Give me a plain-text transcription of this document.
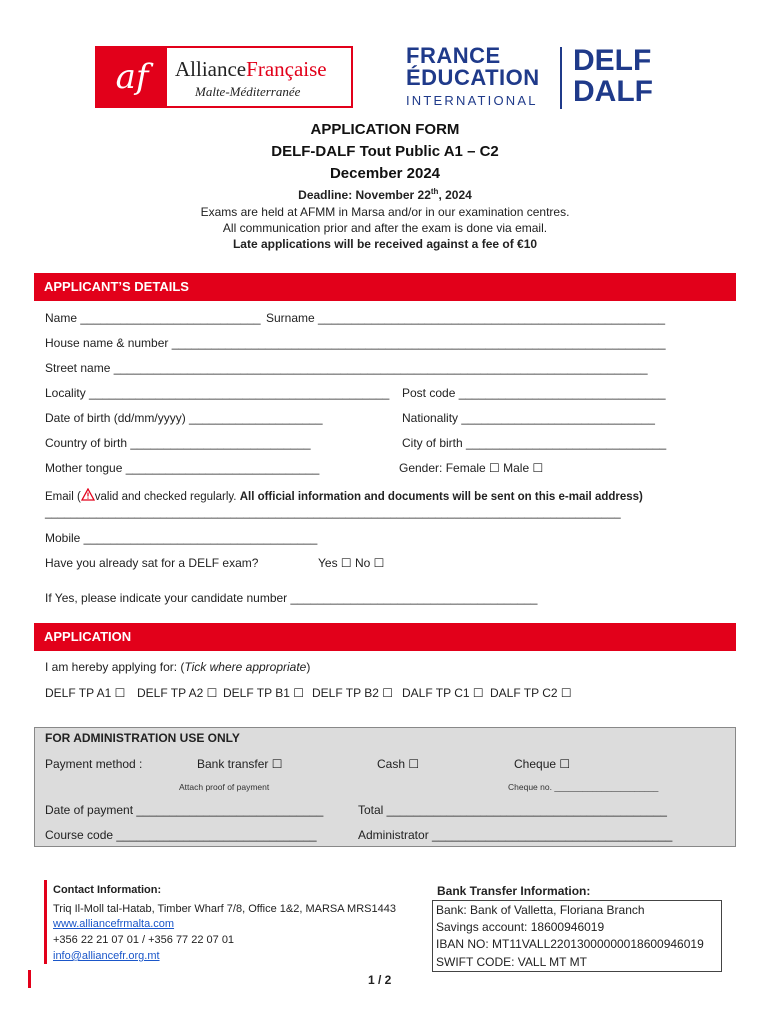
af	AllianceFrançaise
Malte-Méditerranée
FRANCE
ÉDUCATION
INTERNATIONAL
DELF
DALF
APPLICATION FORM
DELF-DALF Tout Public A1 – C2
December 2024
Deadline: November 22th, 2024
Exams are held at AFMM in Marsa and/or in our examination centres.
All communication prior and after the exam is done via email.
Late applications will be received against a fee of €10
APPLICANT’S DETAILS
Name ___________________________ Surname ____________________________________________________
House name & number __________________________________________________________________________
Street name ________________________________________________________________________________
Locality _____________________________________________ Post code _______________________________
Date of birth (dd/mm/yyyy) ____________________	Nationality _____________________________
Country of birth ___________________________	City of birth ______________________________
Mother tongue _____________________________	Gender: Female ☐ Male ☐
Email ( valid and checked regularly. All official information and documents will be sent on this e-mail address)
__________________________________________________________________________________________
Mobile ___________________________________
Have you already sat for a DELF exam?	Yes ☐ No ☐
If Yes, please indicate your candidate number _____________________________________
APPLICATION
I am hereby applying for: (Tick where appropriate)
DELF TP A1 ☐ DELF TP A2 ☐ DELF TP B1 ☐ DELF TP B2 ☐ DALF TP C1 ☐ DALF TP C2 ☐
FOR ADMINISTRATION USE ONLY
Payment method :	Bank transfer ☐	Cash ☐	Cheque ☐
Attach proof of payment	Cheque no. ______________________
Date of payment ____________________________	Total __________________________________________
Course code ______________________________	Administrator ____________________________________
Contact Information:
Triq Il-Moll tal-Hatab, Timber Wharf 7/8, Office 1&2, MARSA MRS1443
www.alliancefrmalta.com
+356 22 21 07 01 / +356 77 22 07 01
info@alliancefr.org.mt
Bank Transfer Information:
Bank: Bank of Valletta, Floriana Branch
Savings account: 18600946019
IBAN NO: MT11VALL22013000000018600946019
SWIFT CODE: VALL MT MT
1 / 2
